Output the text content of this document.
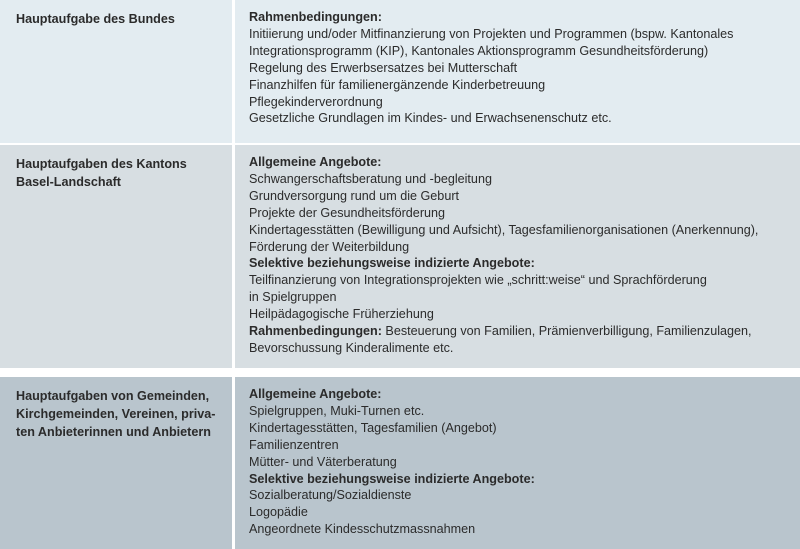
Hauptaufgabe des Bundes	Rahmenbedingungen:
Initiierung und/oder Mitfinanzierung von Projekten und Programmen (bspw. Kantonales
Integrationsprogramm (KIP), Kantonales Aktionsprogramm Gesundheitsförderung)
Regelung des Erwerbsersatzes bei Mutterschaft
Finanzhilfen für familienergänzende Kinderbetreuung
Pflegekinderverordnung
Gesetzliche Grundlagen im Kindes- und Erwachsenenschutz etc.
Hauptaufgaben des Kantons
Basel-Landschaft
Allgemeine Angebote:
Schwangerschaftsberatung und -begleitung
Grundversorgung rund um die Geburt
Projekte der Gesundheitsförderung
Kindertagesstätten (Bewilligung und Aufsicht), Tagesfamilienorganisationen (Anerkennung),
Förderung der Weiterbildung
Selektive beziehungsweise indizierte Angebote:
Teilfinanzierung von Integrationsprojekten wie „schritt:weise“ und Sprachförderung
in Spielgruppen
Heilpädagogische Früherziehung
Rahmenbedingungen: Besteuerung von Familien, Prämienverbilligung, Familienzulagen,
Bevorschussung Kinderalimente etc.
Hauptaufgaben von Gemeinden,
Kirchgemeinden, Vereinen, priva-
ten Anbieterinnen und Anbietern
Allgemeine Angebote:
Spielgruppen, Muki-Turnen etc.
Kindertagesstätten, Tagesfamilien (Angebot)
Familienzentren
Mütter- und Väterberatung
Selektive beziehungsweise indizierte Angebote:
Sozialberatung/Sozialdienste
Logopädie
Angeordnete Kindesschutzmassnahmen
